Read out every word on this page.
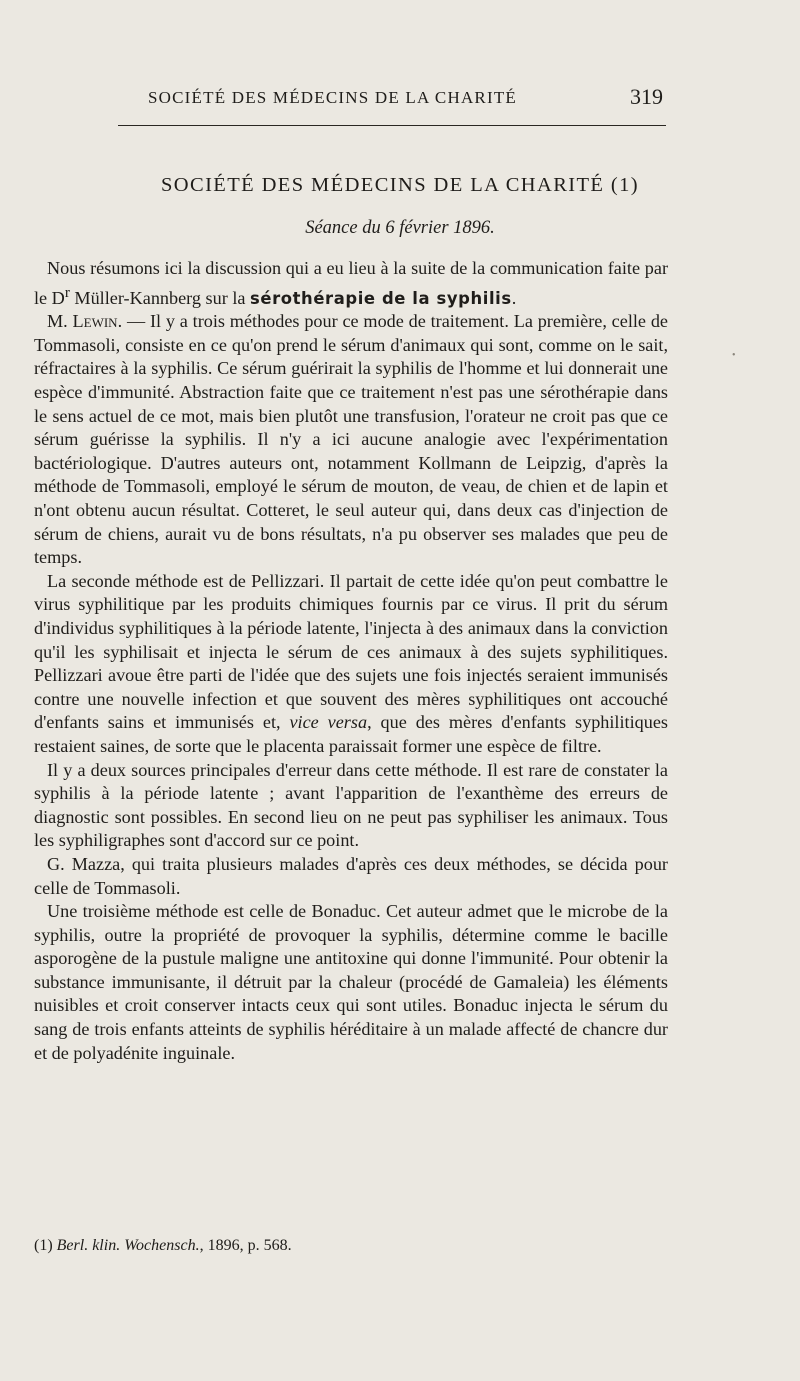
SOCIÉTÉ DES MÉDECINS DE LA CHARITÉ	319
SOCIÉTÉ DES MÉDECINS DE LA CHARITÉ (1)
Séance du 6 février 1896.

Nous résumons ici la discussion qui a eu lieu à la suite de la communication faite par le $D^r$ Müller-Kannberg sur la sérothérapie de la syphilis.

M. Lewin. — Il y a trois méthodes pour ce mode de traitement. La première, celle de Tommasoli, consiste en ce qu'on prend le sérum d'animaux qui sont, comme on le sait, réfractaires à la syphilis. Ce sérum guérirait la syphilis de l'homme et lui donnerait une espèce d'immunité. Abstraction faite que ce traitement n'est pas une sérothérapie dans le sens actuel de ce mot, mais bien plutôt une transfusion, l'orateur ne croit pas que ce sérum guérisse la syphilis. Il n'y a ici aucune analogie avec l'expérimentation bactériologique. D'autres auteurs ont, notamment Kollmann de Leipzig, d'après la méthode de Tommasoli, employé le sérum de mouton, de veau, de chien et de lapin et n'ont obtenu aucun résultat. Cotteret, le seul auteur qui, dans deux cas d'injection de sérum de chiens, aurait vu de bons résultats, n'a pu observer ses malades que peu de temps.

La seconde méthode est de Pellizzari. Il partait de cette idée qu'on peut combattre le virus syphilitique par les produits chimiques fournis par ce virus. Il prit du sérum d'individus syphilitiques à la période latente, l'injecta à des animaux dans la conviction qu'il les syphilisait et injecta le sérum de ces animaux à des sujets syphilitiques. Pellizzari avoue être parti de l'idée que des sujets une fois injectés seraient immunisés contre une nouvelle infection et que souvent des mères syphilitiques ont accouché d'enfants sains et immunisés et, vice versa, que des mères d'enfants syphilitiques restaient saines, de sorte que le placenta paraissait former une espèce de filtre.

Il y a deux sources principales d'erreur dans cette méthode. Il est rare de constater la syphilis à la période latente ; avant l'apparition de l'exanthème des erreurs de diagnostic sont possibles. En second lieu on ne peut pas syphiliser les animaux. Tous les syphiligraphes sont d'accord sur ce point.

G. Mazza, qui traita plusieurs malades d'après ces deux méthodes, se décida pour celle de Tommasoli.

Une troisième méthode est celle de Bonaduc. Cet auteur admet que le microbe de la syphilis, outre la propriété de provoquer la syphilis, détermine comme le bacille asporogène de la pustule maligne une antitoxine qui donne l'immunité. Pour obtenir la substance immunisante, il détruit par la chaleur (procédé de Gamaleia) les éléments nuisibles et croit conserver intacts ceux qui sont utiles. Bonaduc injecta le sérum du sang de trois enfants atteints de syphilis héréditaire à un malade affecté de chancre dur et de polyadénite inguinale.

(1) Berl. klin. Wochensch., 1896, p. 568.
•
